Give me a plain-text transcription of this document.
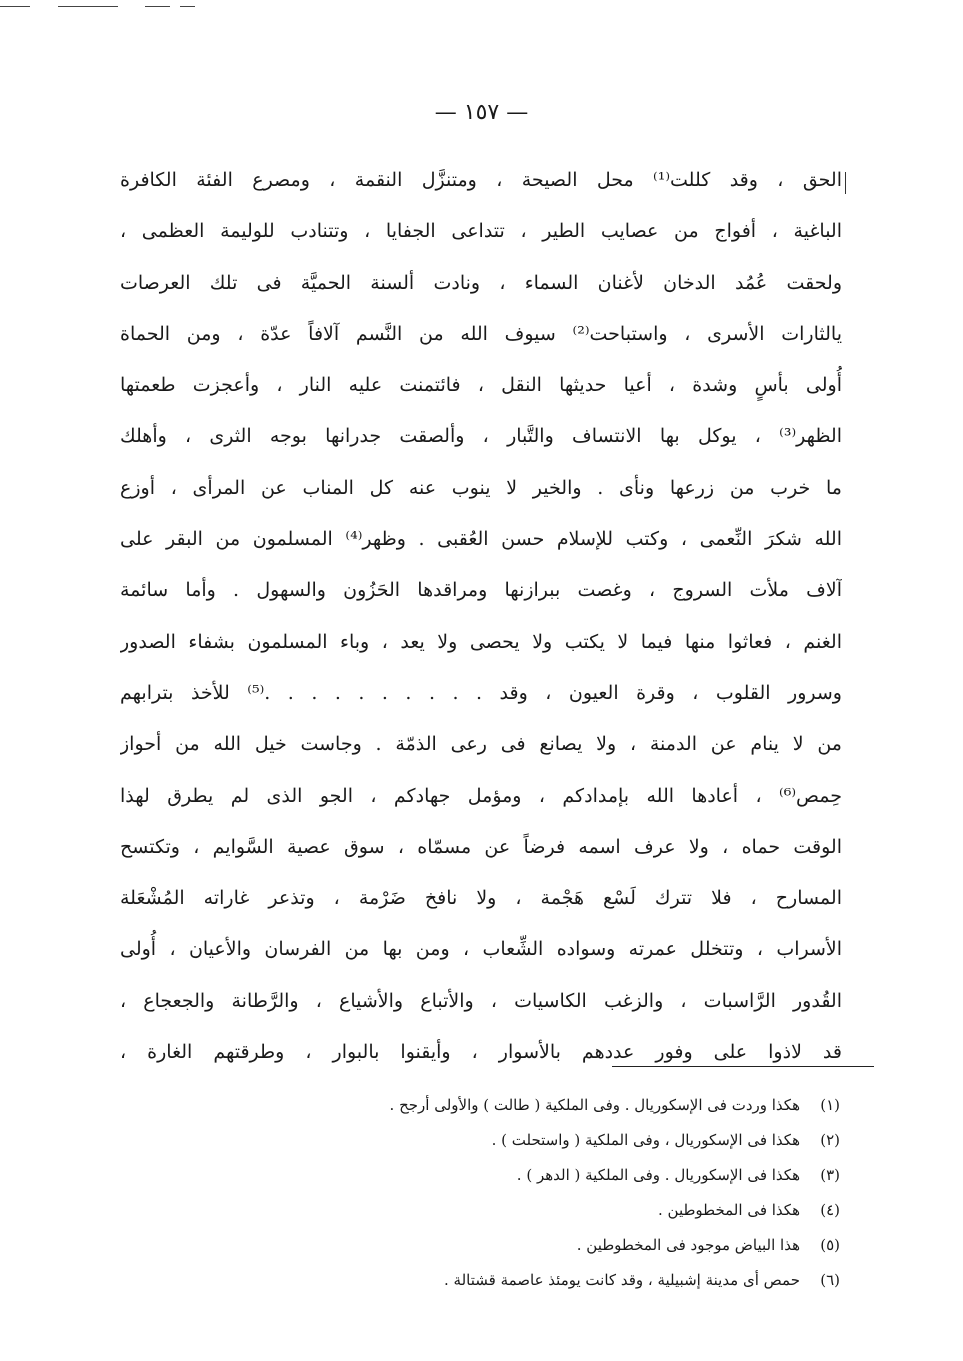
— ١٥٧ —
الحق ، وقد كللت⁽¹⁾ محل الصيحة ، ومتنزَّل النقمة ، ومصرع الفئة الكافرة
الباغية ، أفواج من عصايب الطير ، تتداعى الجفايا ، وتتنادب للوليمة العظمى ،
ولحقت عُمُد الدخان لأغنان السماء ، ونادت ألسنة الحميَّة فى تلك العرصات
يالثارات الأسرى ، واستباحت⁽²⁾ سيوف الله من النَّسم آلافاً عدّة ، ومن الحماة
أُولى بأسٍ وشدة ، أعيا حديثها النقل ، فائتمنت عليه النار ، وأعجزت طعمتها
الظهر⁽³⁾ ، يوكل بها الانتساف والتَّبار ، وألصقت جدرانها بوجه الثرى ، وأهلك
ما خرب من زرعها ونأى . والخير لا ينوب عنه كل المناب عن المرأى ، أوزع
الله شكرَ النِّعمى ، وكتب للإسلام حسن العُقبى . وظهر⁽⁴⁾ المسلمون من البقر على
آلاف ملأت السروج ، وغصت ببرازنها ومراقدها الحَزُون والسهول . وأما سائمة
الغنم ، فعاثوا منها فيما لا يكتب ولا يحصى ولا يعد ، وباء المسلمون بشفاء الصدور
وسرور القلوب ، وقرة العيون ، وقد . . . . . . . . . .⁽⁵⁾ للأخذ بترابهم
من لا ينام عن الدمنة ، ولا يصانع فى رعى الذمّة . وجاست خيل الله من أحواز
حِمص⁽⁶⁾ ، أعادها الله بإمدادكم ، ومؤمل جهادكم ، الجو الذى لم يطرق لهذا
الوقت حماه ، ولا عرف اسمه فرضاً عن مسمّاه ، سوق عصية السَّوايم ، وتكتسح
المسارح ، فلا تترك لَسْع هَجْمة ، ولا نافخ ضَرْمة ، وتذعر غاراته المُشْعَلة
الأسراب ، وتتخلل عمرته وسواده الشِّعاب ، ومن بها من الفرسان والأعيان ، أُولى
القُدور الرَّاسبات ، والزغب الكاسيات ، والأتباع والأشياع ، والرَّطانة والجعجاع ،
قد لاذوا على وفور عددهم بالأسوار ، وأيقنوا بالبوار ، وطرقتهم الغارة ،
(١)هكذا وردت فى الإسكوريال . وفى الملكية ( طالت ) والأولى أرجح .
(٢)هكذا فى الإسكوريال ، وفى الملكية ( واستحلت ) .
(٣)هكذا فى الإسكوريال . وفى الملكية ( الدهر ) .
(٤)هكذا فى المخطوطين .
(٥)هذا البياض موجود فى المخطوطين .
(٦)حمص أى مدينة إشبيلية ، وقد كانت يومئذ عاصمة قشتالة .
